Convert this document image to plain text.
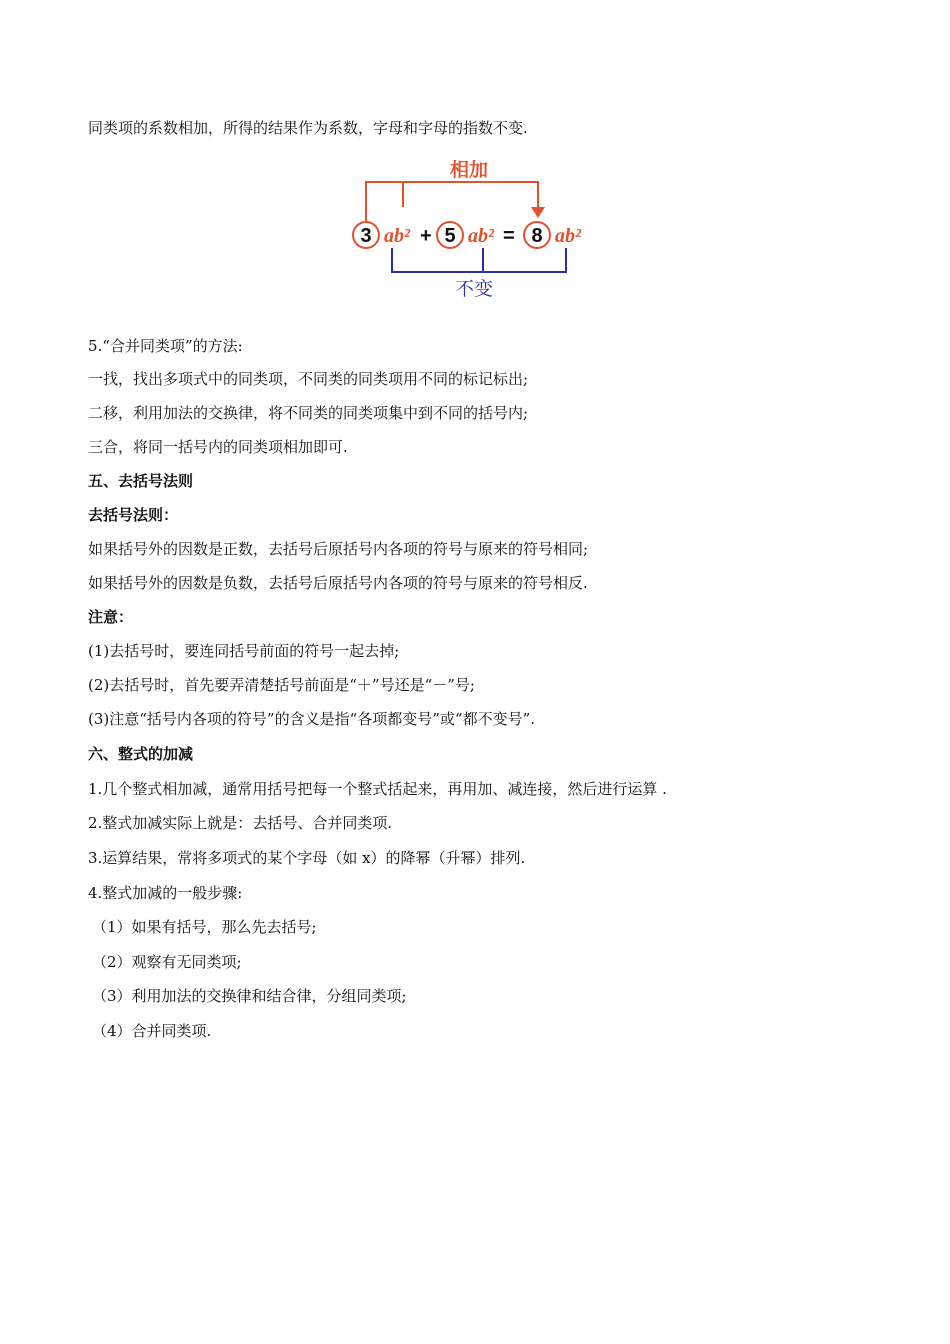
同类项的系数相加，所得的结果作为系数，字母和字母的指数不变.
相加
3	5	8
ab² + ab² = ab²
不变
5.“合并同类项”的方法:
一找，找出多项式中的同类项，不同类的同类项用不同的标记标出;
二移，利用加法的交换律，将不同类的同类项集中到不同的括号内;
三合，将同一括号内的同类项相加即可.
五、去括号法则
去括号法则：
如果括号外的因数是正数，去括号后原括号内各项的符号与原来的符号相同;
如果括号外的因数是负数，去括号后原括号内各项的符号与原来的符号相反.
注意：
(1)去括号时，要连同括号前面的符号一起去掉;
(2)去括号时，首先要弄清楚括号前面是“＋”号还是“－”号;
(3)注意“括号内各项的符号”的含义是指“各项都变号”或“都不变号”.
六、整式的加减
1.几个整式相加减，通常用括号把每一个整式括起来，再用加、减连接，然后进行运算 .
2.整式加减实际上就是：去括号、合并同类项.
3.运算结果，常将多项式的某个字母（如 x）的降幂（升幂）排列.
4.整式加减的一般步骤:
（1）如果有括号，那么先去括号;
（2）观察有无同类项;
（3）利用加法的交换律和结合律，分组同类项;
（4）合并同类项.
